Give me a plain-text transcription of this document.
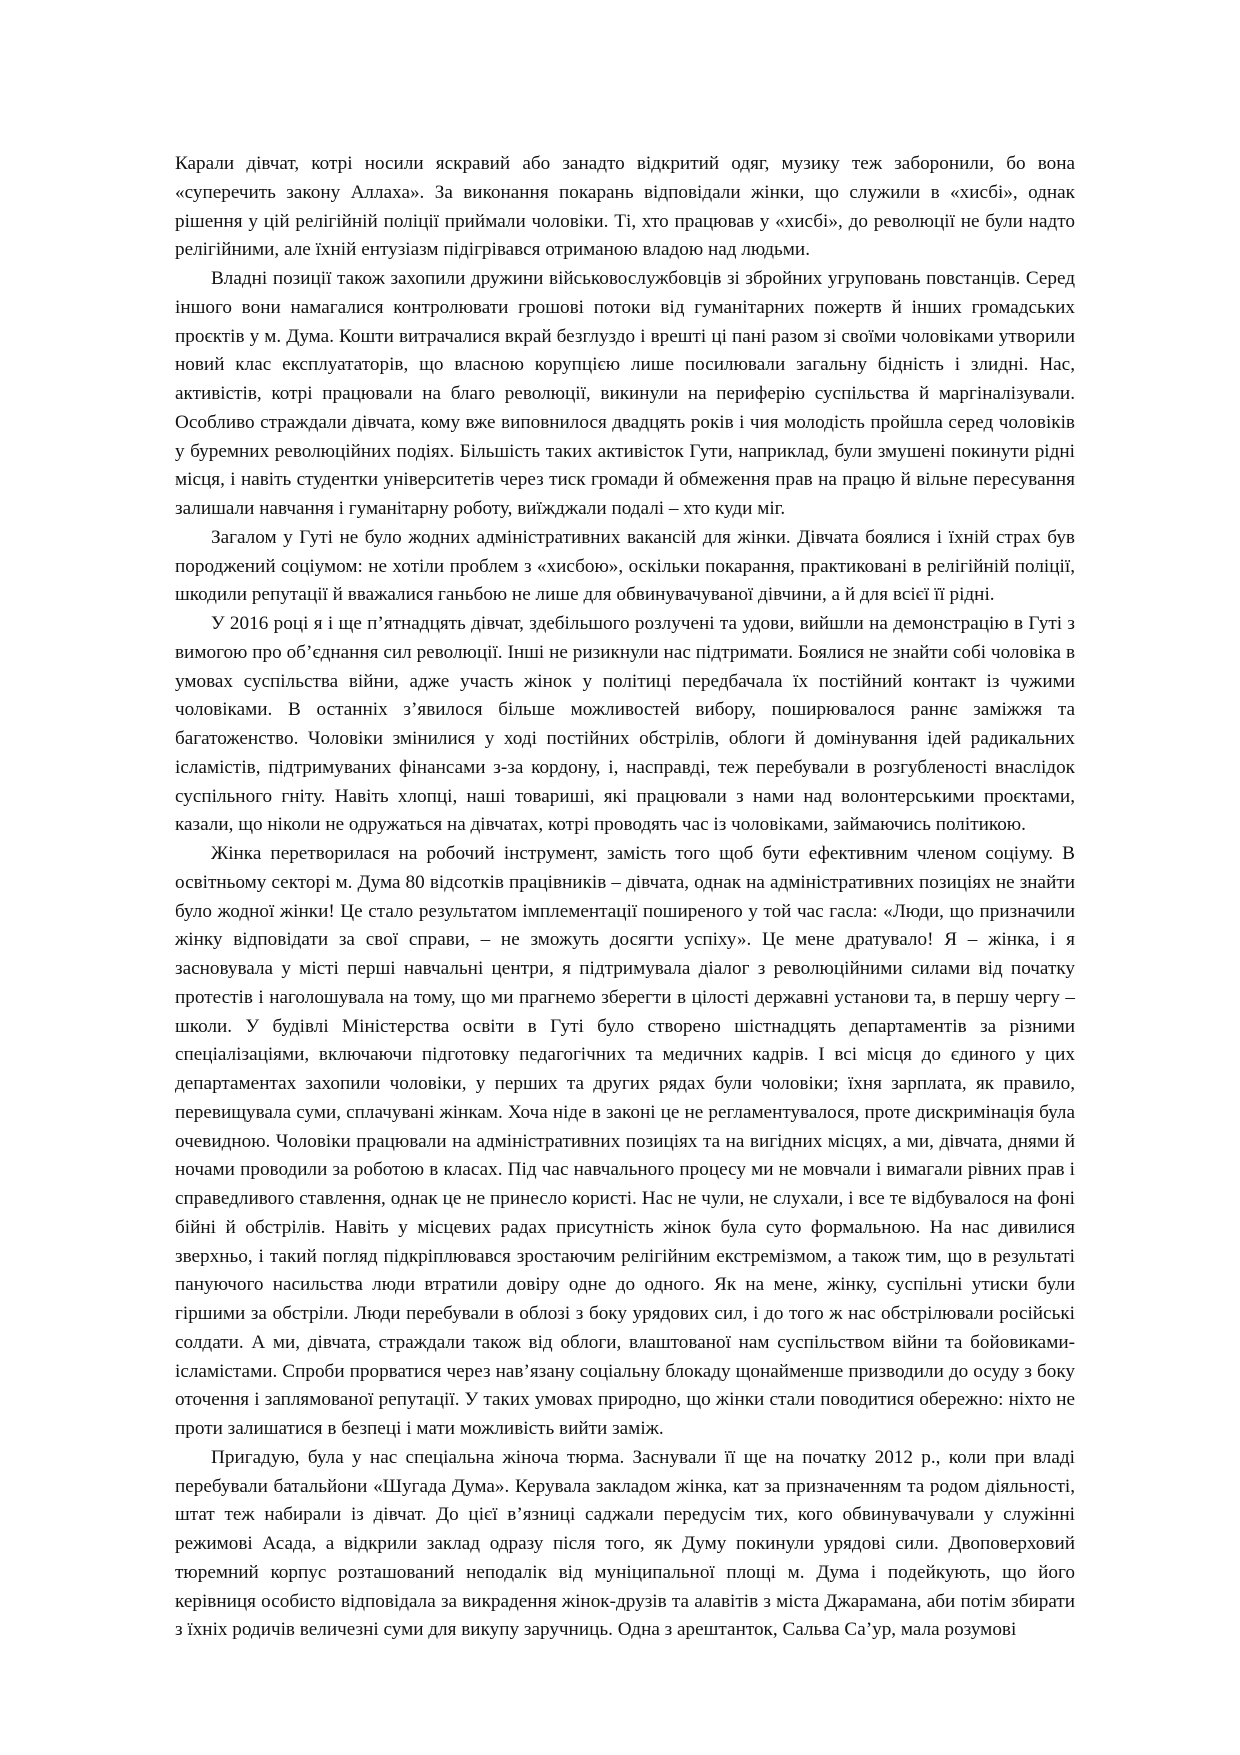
Карали дівчат, котрі носили яскравий або занадто відкритий одяг, музику теж заборонили, бо вона «суперечить закону Аллаха». За виконання покарань відповідали жінки, що служили в «хисбі», однак рішення у цій релігійній поліції приймали чоловіки. Ті, хто працював у «хисбі», до революції не були надто релігійними, але їхній ентузіазм підігрівався отриманою владою над людьми.

Владні позиції також захопили дружини військовослужбовців зі збройних угруповань повстанців. Серед іншого вони намагалися контролювати грошові потоки від гуманітарних пожертв й інших громадських проєктів у м. Дума. Кошти витрачалися вкрай безглуздо і врешті ці пані разом зі своїми чоловіками утворили новий клас експлуататорів, що власною корупцією лише посилювали загальну бідність і злидні. Нас, активістів, котрі працювали на благо революції, викинули на периферію суспільства й маргіналізували. Особливо страждали дівчата, кому вже виповнилося двадцять років і чия молодість пройшла серед чоловіків у буремних революційних подіях. Більшість таких активісток Гути, наприклад, були змушені покинути рідні місця, і навіть студентки університетів через тиск громади й обмеження прав на працю й вільне пересування залишали навчання і гуманітарну роботу, виїжджали подалі – хто куди міг.

Загалом у Гуті не було жодних адміністративних вакансій для жінки. Дівчата боялися і їхній страх був породжений соціумом: не хотіли проблем з «хисбою», оскільки покарання, практиковані в релігійній поліції, шкодили репутації й вважалися ганьбою не лише для обвинувачуваної дівчини, а й для всієї її рідні.

У 2016 році я і ще п’ятнадцять дівчат, здебільшого розлучені та удови, вийшли на демонстрацію в Гуті з вимогою про об’єднання сил революції. Інші не ризикнули нас підтримати. Боялися не знайти собі чоловіка в умовах суспільства війни, адже участь жінок у політиці передбачала їх постійний контакт із чужими чоловіками. В останніх з’явилося більше можливостей вибору, поширювалося раннє заміжжя та багатоженство. Чоловіки змінилися у ході постійних обстрілів, облоги й домінування ідей радикальних ісламістів, підтримуваних фінансами з-за кордону, і, насправді, теж перебували в розгубленості внаслідок суспільного гніту. Навіть хлопці, наші товариші, які працювали з нами над волонтерськими проєктами, казали, що ніколи не одружаться на дівчатах, котрі проводять час із чоловіками, займаючись політикою.

Жінка перетворилася на робочий інструмент, замість того щоб бути ефективним членом соціуму. В освітньому секторі м. Дума 80 відсотків працівників – дівчата, однак на адміністративних позиціях не знайти було жодної жінки! Це стало результатом імплементації поширеного у той час гасла: «Люди, що призначили жінку відповідати за свої справи, – не зможуть досягти успіху». Це мене дратувало! Я – жінка, і я засновувала у місті перші навчальні центри, я підтримувала діалог з революційними силами від початку протестів і наголошувала на тому, що ми прагнемо зберегти в цілості державні установи та, в першу чергу – школи. У будівлі Міністерства освіти в Гуті було створено шістнадцять департаментів за різними спеціалізаціями, включаючи підготовку педагогічних та медичних кадрів. І всі місця до єдиного у цих департаментах захопили чоловіки, у перших та других рядах були чоловіки; їхня зарплата, як правило, перевищувала суми, сплачувані жінкам. Хоча ніде в законі це не регламентувалося, проте дискримінація була очевидною. Чоловіки працювали на адміністративних позиціях та на вигідних місцях, а ми, дівчата, днями й ночами проводили за роботою в класах. Під час навчального процесу ми не мовчали і вимагали рівних прав і справедливого ставлення, однак це не принесло користі. Нас не чули, не слухали, і все те відбувалося на фоні бійні й обстрілів. Навіть у місцевих радах присутність жінок була суто формальною. На нас дивилися зверхньо, і такий погляд підкріплювався зростаючим релігійним екстремізмом, а також тим, що в результаті пануючого насильства люди втратили довіру одне до одного. Як на мене, жінку, суспільні утиски були гіршими за обстріли. Люди перебували в облозі з боку урядових сил, і до того ж нас обстрілювали російські солдати. А ми, дівчата, страждали також від облоги, влаштованої нам суспільством війни та бойовиками-ісламістами. Спроби прорватися через нав’язану соціальну блокаду щонайменше призводили до осуду з боку оточення і заплямованої репутації. У таких умовах природно, що жінки стали поводитися обережно: ніхто не проти залишатися в безпеці і мати можливість вийти заміж.

Пригадую, була у нас спеціальна жіноча тюрма. Заснували її ще на початку 2012 р., коли при владі перебували батальйони «Шугада Дума». Керувала закладом жінка, кат за призначенням та родом діяльності, штат теж набирали із дівчат. До цієї в’язниці саджали передусім тих, кого обвинувачували у служінні режимові Асада, а відкрили заклад одразу після того, як Думу покинули урядові сили. Двоповерховий тюремний корпус розташований неподалік від муніципальної площі м. Дума і подейкують, що його керівниця особисто відповідала за викрадення жінок-друзів та алавітів з міста Джарамана, аби потім збирати з їхніх родичів величезні суми для викупу заручниць. Одна з арештанток, Сальва Са’ур, мала розумові
